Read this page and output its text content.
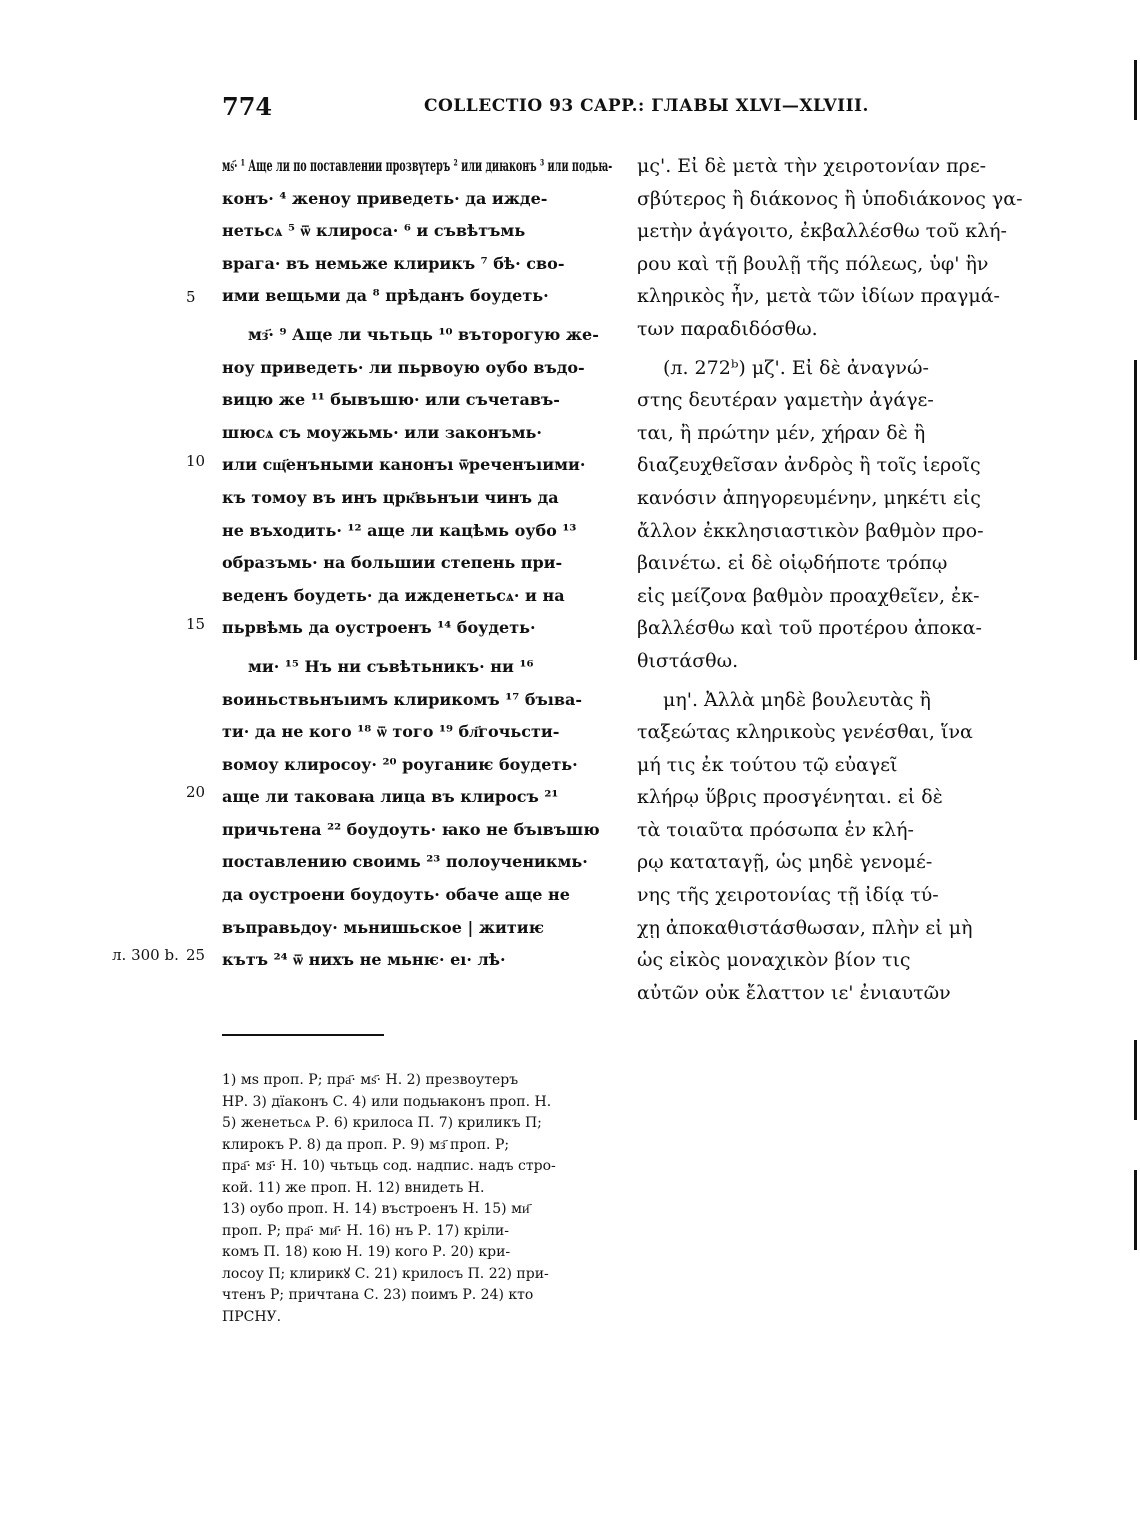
774	COLLECTIO 93 CAPP.: ГЛАВЫ XLVI—XLVIII.
мѕ҃· ¹ Аще ли по поставлении прозвүтеръ ² или диꙗконъ ³ или подьꙗ-
конъ· ⁴ женоу приведеть· да ижде-
нетьсѧ ⁵ ѿ клироса· ⁶ и съвѣтъмь
врага· въ немьже клирикъ ⁷ бѣ· сво-
ими вещьми да ⁸ прѣданъ боудеть·
мз҃· ⁹ Аще ли чьтьць ¹⁰ въторогую же-
ноу приведеть· ли пьрвоую оубо въдо-
вицю же ¹¹ бывъшю· или съчетавъ-
шюсѧ съ моужьмь· или законъмь·
или сщ҃енъными канонъı ѿреченъıими·
къ томоу въ инъ црк҃вьнъıи чинъ да
не въходить· ¹² аще ли кацѣмь оубо ¹³
образъмь· на большии степень при-
веденъ боудеть· да ижденетьсѧ· и на
пьрвѣмь да оустроенъ ¹⁴ боудеть·
ми· ¹⁵ Нъ ни съвѣтьникъ· ни ¹⁶
воиньствьнъıимъ клирикомъ ¹⁷ бъıва-
ти· да не кого ¹⁸ ѿ того ¹⁹ бл҃гочьсти-
вомоу клиросоу· ²⁰ роуганиѥ боудеть·
аще ли таковаꙗ лица въ клиросъ ²¹
причьтена ²² боудоуть· ꙗко не бъıвъшю
поставлению своимь ²³ полоученикмь·
да оустроени боудоуть· обаче аще не
въправьдоу· мьнишьское | житиѥ
кътъ ²⁴ ѿ нихъ не мьнѥ· еı· лѣ·
μς'. Εἰ δὲ μετὰ τὴν χειροτονίαν πρε-
σβύτερος ἢ διάκονος ἢ ὑποδιάκονος γα-
μετὴν ἀγάγοιτο, ἐκβαλλέσθω τοῦ κλή-
ρου καὶ τῇ βουλῇ τῆς πόλεως, ὑφ' ἣν
κληρικὸς ἦν, μετὰ τῶν ἰδίων πραγμά-
των παραδιδόσθω.
(л. 272ᵇ) μζ'. Εἰ δὲ ἀναγνώ-
στης δευτέραν γαμετὴν ἀγάγε-
ται, ἢ πρώτην μέν, χήραν δὲ ἢ
διαζευχθεῖσαν ἀνδρὸς ἢ τοῖς ἱεροῖς
κανόσιν ἀπηγορευμένην, μηκέτι εἰς
ἄλλον ἐκκλησιαστικὸν βαθμὸν προ-
βαινέτω. εἰ δὲ οἱῳδήποτε τρόπῳ
εἰς μείζονα βαθμὸν προαχθεῖεν, ἐκ-
βαλλέσθω καὶ τοῦ προτέρου ἀποκα-
θιστάσθω.
μη'. Ἀλλὰ μηδὲ βουλευτὰς ἢ
ταξεώτας κληρικοὺς γενέσθαι, ἵνα
μή τις ἐκ τούτου τῷ εὐαγεῖ
κλήρῳ ὕβρις προσγένηται. εἰ δὲ
τὰ τοιαῦτα πρόσωπα ἐν κλή-
ρῳ καταταγῇ, ὡς μηδὲ γενομέ-
νης τῆς χειροτονίας τῇ ἰδίᾳ τύ-
χῃ ἀποκαθιστάσθωσαν, πλὴν εἰ μὴ
ὡς εἰκὸς μοναχικὸν βίον τις
αὐτῶν οὐκ ἔλαττον ιε' ἐνιαυτῶν
5
10
15
20
25
л. 300 b.
1) мѕ проп. Р; пра҃· мѕ҃· Н. 2) презвоутеръ
НР. 3) дїаконъ С. 4) или подьꙗконъ проп. Н.
5) женетьсѧ Р. 6) крилоса П. 7) криликъ П;
клирокъ Р. 8) да проп. Р. 9) мз҃ проп. Р;
пра҃· мз҃· Н. 10) чьтьць сод. надпис. надъ стро-
кой. 11) же проп. Н. 12) внидеть Н.
13) оубо проп. Н. 14) въстроенъ Н. 15) ми҃
проп. Р; пра҃· ми҃· Н. 16) нъ Р. 17) кріли-
комъ П. 18) кою Н. 19) кого Р. 20) кри-
лосоу П; клирикꙋ С. 21) крилосъ П. 22) при-
чтенъ Р; причтана С. 23) поимъ Р. 24) кто
ПРСНУ.
